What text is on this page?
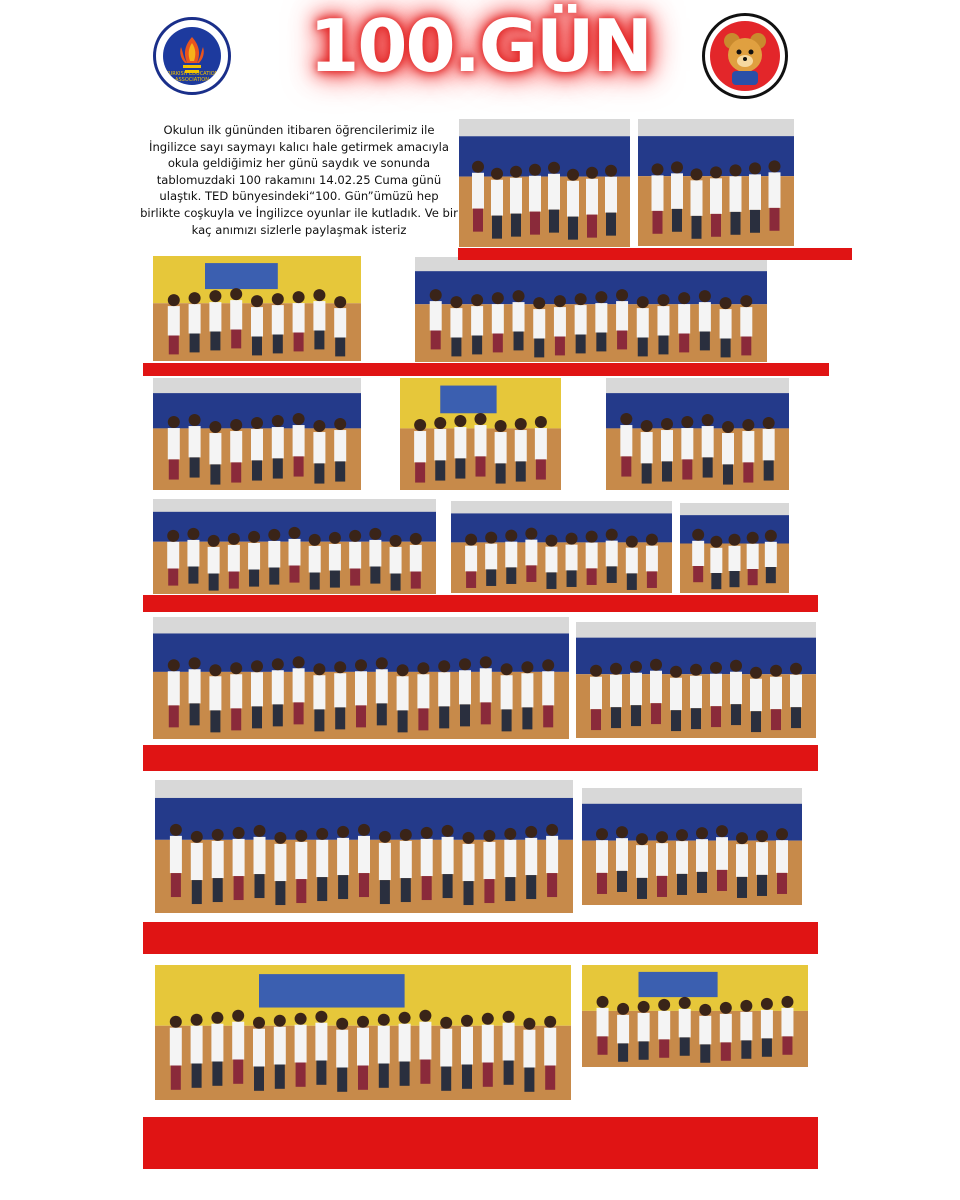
TURKISH EDUCATION ASSOCIATION	100.GÜN
Okulun ilk gününden itibaren öğrencilerimiz ile İngilizce sayı saymayı kalıcı hale getirmek amacıyla okula geldiğimiz her günü saydık ve sonunda tablomuzdaki 100 rakamını 14.02.25 Cuma günü ulaştık. TED bünyesindeki“100. Gün”ümüzü hep birlikte coşkuyla ve İngilizce oyunlar ile kutladık. Ve bir kaç anımızı sizlerle paylaşmak isteriz
